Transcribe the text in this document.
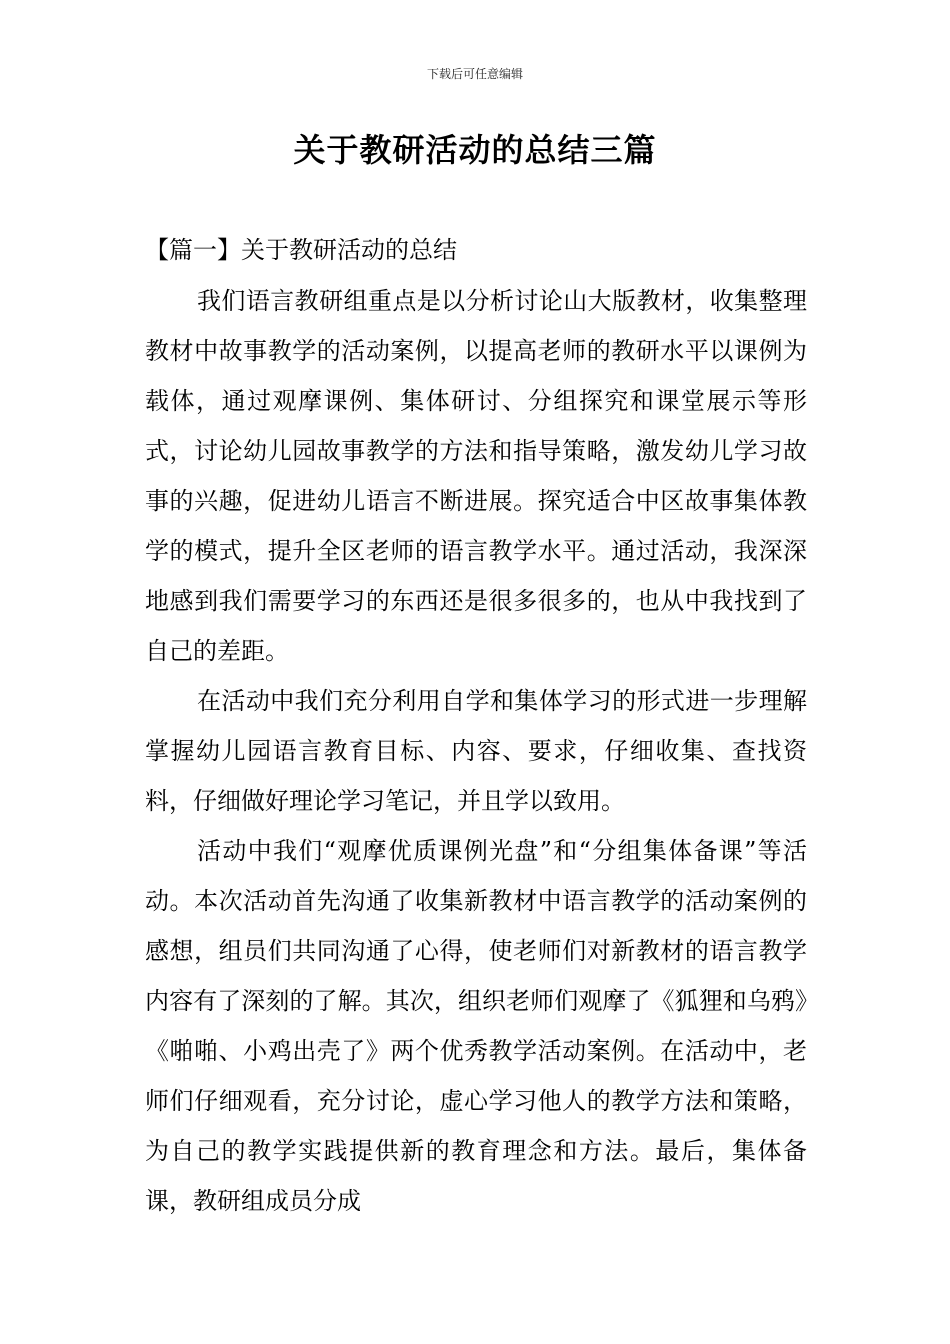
下载后可任意编辑
关于教研活动的总结三篇
【篇一】关于教研活动的总结

我们语言教研组重点是以分析讨论山大版教材，收集整理教材中故事教学的活动案例，以提高老师的教研水平以课例为载体，通过观摩课例、集体研讨、分组探究和课堂展示等形式，讨论幼儿园故事教学的方法和指导策略，激发幼儿学习故事的兴趣，促进幼儿语言不断进展。探究适合中区故事集体教学的模式，提升全区老师的语言教学水平。通过活动，我深深地感到我们需要学习的东西还是很多很多的，也从中我找到了自己的差距。

在活动中我们充分利用自学和集体学习的形式进一步理解掌握幼儿园语言教育目标、内容、要求，仔细收集、查找资料，仔细做好理论学习笔记，并且学以致用。

活动中我们“观摩优质课例光盘”和“分组集体备课”等活动。本次活动首先沟通了收集新教材中语言教学的活动案例的感想，组员们共同沟通了心得，使老师们对新教材的语言教学内容有了深刻的了解。其次，组织老师们观摩了《狐狸和乌鸦》《啪啪、小鸡出壳了》两个优秀教学活动案例。在活动中，老师们仔细观看，充分讨论，虚心学习他人的教学方法和策略，为自己的教学实践提供新的教育理念和方法。最后，集体备课，教研组成员分成
